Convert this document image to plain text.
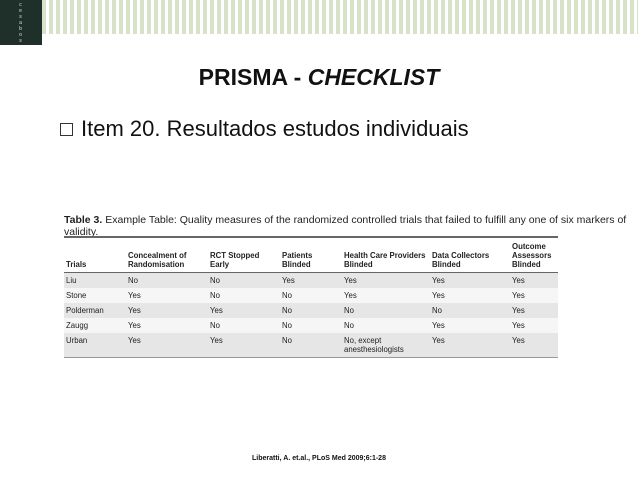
c
e
s
a
b
o
s
PRISMA - CHECKLIST
Item 20. Resultados estudos individuais
Table 3. Example Table: Quality measures of the randomized controlled trials that failed to fulfill any one of six markers of validity.
Trials	Concealment of Randomisation	RCT Stopped Early	Patients Blinded	Health Care Providers Blinded	Data Collectors Blinded	Outcome Assessors Blinded
Liu	No	No	Yes	Yes	Yes	Yes
Stone	Yes	No	No	Yes	Yes	Yes
Polderman	Yes	Yes	No	No	No	Yes
Zaugg	Yes	No	No	No	Yes	Yes
Urban	Yes	Yes	No	No, except anesthesiologists	Yes	Yes
Liberatti, A. et.al., PLoS Med 2009;6:1-28
